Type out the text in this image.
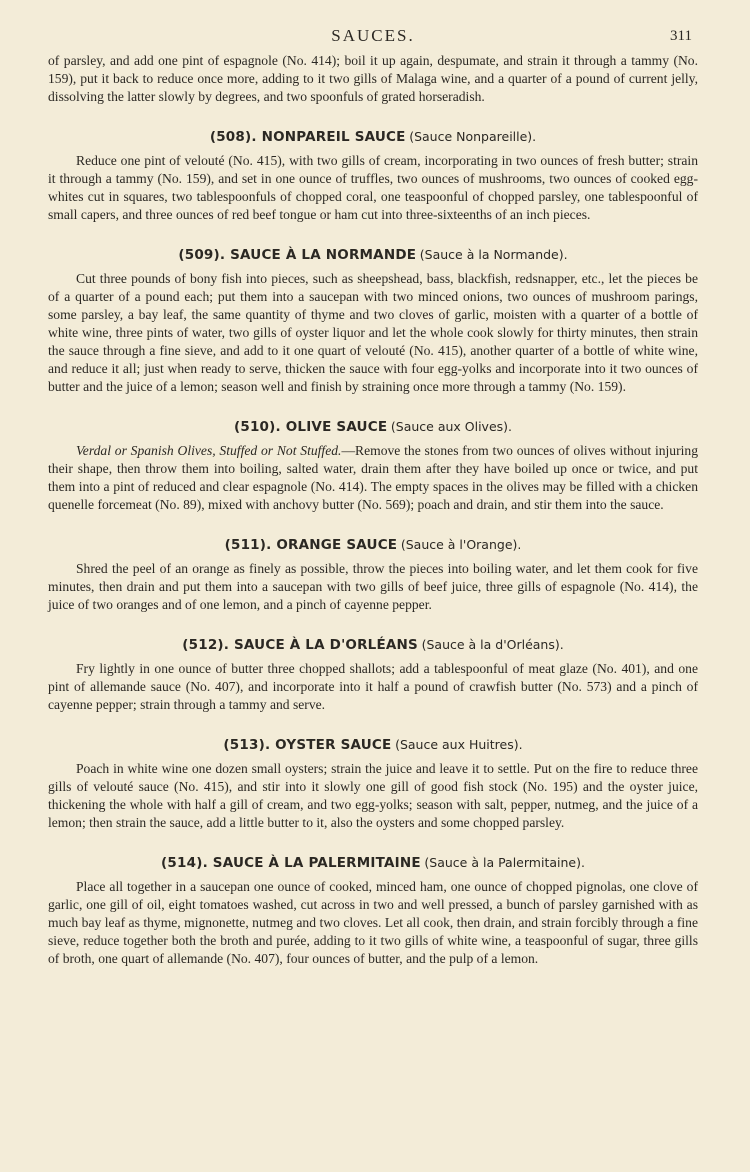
SAUCES.	311

of parsley, and add one pint of espagnole (No. 414); boil it up again, despumate, and strain it through a tammy (No. 159), put it back to reduce once more, adding to it two gills of Malaga wine, and a quarter of a pound of current jelly, dissolving the latter slowly by degrees, and two spoonfuls of grated horseradish.

(508). NONPAREIL SAUCE (Sauce Nonpareille).

Reduce one pint of velouté (No. 415), with two gills of cream, incorporating in two ounces of fresh butter; strain it through a tammy (No. 159), and set in one ounce of truffles, two ounces of mushrooms, two ounces of cooked egg-whites cut in squares, two tablespoonfuls of chopped coral, one teaspoonful of chopped parsley, one tablespoonful of small capers, and three ounces of red beef tongue or ham cut into three-sixteenths of an inch pieces.

(509). SAUCE À LA NORMANDE (Sauce à la Normande).

Cut three pounds of bony fish into pieces, such as sheepshead, bass, blackfish, redsnapper, etc., let the pieces be of a quarter of a pound each; put them into a saucepan with two minced onions, two ounces of mushroom parings, some parsley, a bay leaf, the same quantity of thyme and two cloves of garlic, moisten with a quarter of a bottle of white wine, three pints of water, two gills of oyster liquor and let the whole cook slowly for thirty minutes, then strain the sauce through a fine sieve, and add to it one quart of velouté (No. 415), another quarter of a bottle of white wine, and reduce it all; just when ready to serve, thicken the sauce with four egg-yolks and incorporate into it two ounces of butter and the juice of a lemon; season well and finish by straining once more through a tammy (No. 159).

(510). OLIVE SAUCE (Sauce aux Olives).

Verdal or Spanish Olives, Stuffed or Not Stuffed.—Remove the stones from two ounces of olives without injuring their shape, then throw them into boiling, salted water, drain them after they have boiled up once or twice, and put them into a pint of reduced and clear espagnole (No. 414). The empty spaces in the olives may be filled with a chicken quenelle forcemeat (No. 89), mixed with anchovy butter (No. 569); poach and drain, and stir them into the sauce.

(511). ORANGE SAUCE (Sauce à l'Orange).

Shred the peel of an orange as finely as possible, throw the pieces into boiling water, and let them cook for five minutes, then drain and put them into a saucepan with two gills of beef juice, three gills of espagnole (No. 414), the juice of two oranges and of one lemon, and a pinch of cayenne pepper.

(512). SAUCE À LA D'ORLÉANS (Sauce à la d'Orléans).

Fry lightly in one ounce of butter three chopped shallots; add a tablespoonful of meat glaze (No. 401), and one pint of allemande sauce (No. 407), and incorporate into it half a pound of crawfish butter (No. 573) and a pinch of cayenne pepper; strain through a tammy and serve.

(513). OYSTER SAUCE (Sauce aux Huitres).

Poach in white wine one dozen small oysters; strain the juice and leave it to settle. Put on the fire to reduce three gills of velouté sauce (No. 415), and stir into it slowly one gill of good fish stock (No. 195) and the oyster juice, thickening the whole with half a gill of cream, and two egg-yolks; season with salt, pepper, nutmeg, and the juice of a lemon; then strain the sauce, add a little butter to it, also the oysters and some chopped parsley.

(514). SAUCE À LA PALERMITAINE (Sauce à la Palermitaine).

Place all together in a saucepan one ounce of cooked, minced ham, one ounce of chopped pignolas, one clove of garlic, one gill of oil, eight tomatoes washed, cut across in two and well pressed, a bunch of parsley garnished with as much bay leaf as thyme, mignonette, nutmeg and two cloves. Let all cook, then drain, and strain forcibly through a fine sieve, reduce together both the broth and purée, adding to it two gills of white wine, a teaspoonful of sugar, three gills of broth, one quart of allemande (No. 407), four ounces of butter, and the pulp of a lemon.
